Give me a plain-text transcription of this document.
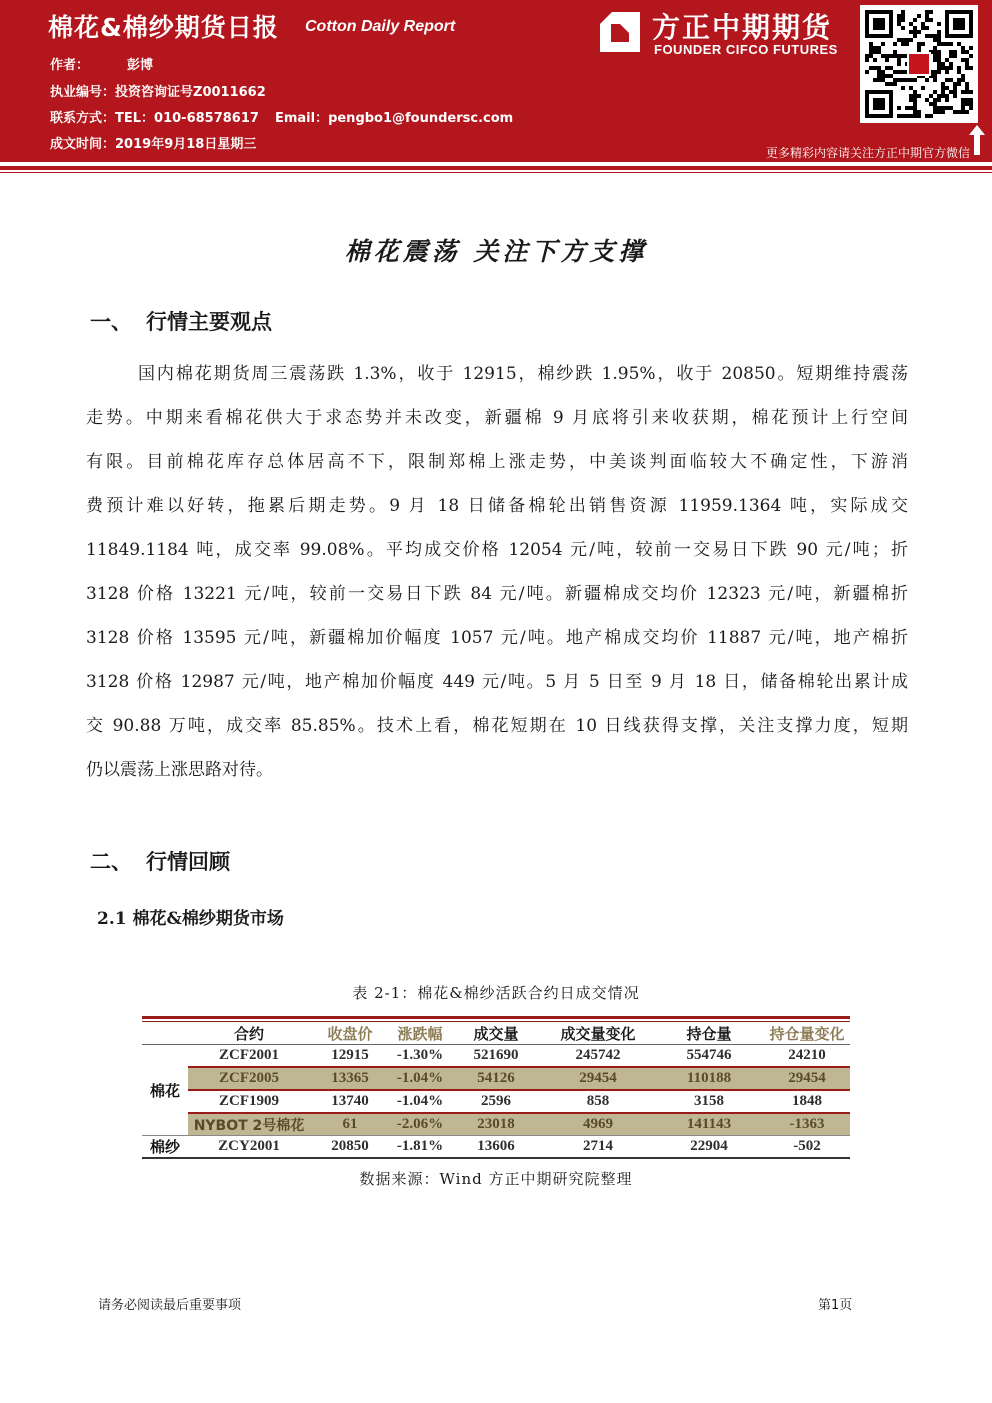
棉花&棉纱期货日报 Cotton Daily Report
作者：	彭博
执业编号：投资咨询证号Z0011662
联系方式：TEL：010-68578617 Email：pengbo1@foundersc.com
成文时间：2019年9月18日星期三
方正中期期货
FOUNDER CIFCO FUTURES
更多精彩内容请关注方正中期官方微信
棉花震荡 关注下方支撑
一、 行情主要观点
国内棉花期货周三震荡跌 1.3%，收于 12915，棉纱跌 1.95%，收于 20850。短期维持震荡
走势。中期来看棉花供大于求态势并未改变，新疆棉 9 月底将引来收获期，棉花预计上行空间
有限。目前棉花库存总体居高不下，限制郑棉上涨走势，中美谈判面临较大不确定性，下游消
费预计难以好转，拖累后期走势。9 月 18 日储备棉轮出销售资源 11959.1364 吨，实际成交
11849.1184 吨，成交率 99.08%。平均成交价格 12054 元/吨，较前一交易日下跌 90 元/吨；折
3128 价格 13221 元/吨，较前一交易日下跌 84 元/吨。新疆棉成交均价 12323 元/吨，新疆棉折
3128 价格 13595 元/吨，新疆棉加价幅度 1057 元/吨。地产棉成交均价 11887 元/吨，地产棉折
3128 价格 12987 元/吨，地产棉加价幅度 449 元/吨。5 月 5 日至 9 月 18 日，储备棉轮出累计成
交 90.88 万吨，成交率 85.85%。技术上看，棉花短期在 10 日线获得支撑，关注支撑力度，短期
仍以震荡上涨思路对待。
二、 行情回顾
2.1 棉花&棉纱期货市场
表 2-1：棉花&棉纱活跃合约日成交情况
	合约	收盘价	涨跌幅	成交量	成交量变化	持仓量	持仓量变化
棉花	ZCF2001	12915	-1.30%	521690	245742	554746	24210
	ZCF2005	13365	-1.04%	54126	29454	110188	29454
	ZCF1909	13740	-1.04%	2596	858	3158	1848
	NYBOT 2号棉花	61	-2.06%	23018	4969	141143	-1363
棉纱	ZCY2001	20850	-1.81%	13606	2714	22904	-502
数据来源：Wind 方正中期研究院整理
请务必阅读最后重要事项	第1页
